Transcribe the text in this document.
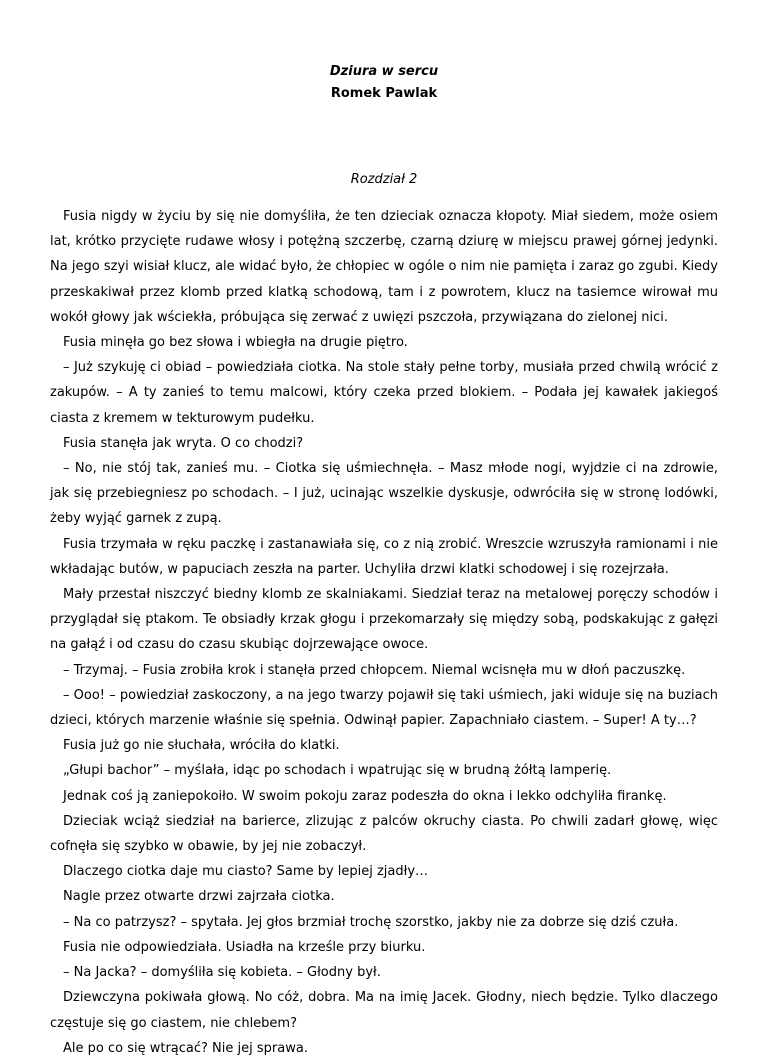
Dziura w sercu

Romek Pawlak

Rozdział 2

Fusia nigdy w życiu by się nie domyśliła, że ten dzieciak oznacza kłopoty. Miał siedem, może osiem lat, krótko przycięte rudawe włosy i potężną szczerbę, czarną dziurę w miejscu prawej górnej jedynki. Na jego szyi wisiał klucz, ale widać było, że chłopiec w ogóle o nim nie pamięta i zaraz go zgubi. Kiedy przeskakiwał przez klomb przed klatką schodową, tam i z powrotem, klucz na tasiemce wirował mu wokół głowy jak wściekła, próbująca się zerwać z uwięzi pszczoła, przywiązana do zielonej nici.

Fusia minęła go bez słowa i wbiegła na drugie piętro.

– Już szykuję ci obiad – powiedziała ciotka. Na stole stały pełne torby, musiała przed chwilą wrócić z zakupów. – A ty zanieś to temu malcowi, który czeka przed blokiem. – Podała jej kawałek jakiegoś ciasta z kremem w tekturowym pudełku.

Fusia stanęła jak wryta. O co chodzi?

– No, nie stój tak, zanieś mu. – Ciotka się uśmiechnęła. – Masz młode nogi, wyjdzie ci na zdrowie, jak się przebiegniesz po schodach. – I już, ucinając wszelkie dyskusje, odwróciła się w stronę lodówki, żeby wyjąć garnek z zupą.

Fusia trzymała w ręku paczkę i zastanawiała się, co z nią zrobić. Wreszcie wzruszyła ramionami i nie wkładając butów, w papuciach zeszła na parter. Uchyliła drzwi klatki schodowej i się rozejrzała.

Mały przestał niszczyć biedny klomb ze skalniakami. Siedział teraz na metalowej poręczy schodów i przyglądał się ptakom. Te obsiadły krzak głogu i przekomarzały się między sobą, podskakując z gałęzi na gałąź i od czasu do czasu skubiąc dojrzewające owoce.

– Trzymaj. – Fusia zrobiła krok i stanęła przed chłopcem. Niemal wcisnęła mu w dłoń paczuszkę.

– Ooo! – powiedział zaskoczony, a na jego twarzy pojawił się taki uśmiech, jaki widuje się na buziach dzieci, których marzenie właśnie się spełnia. Odwinął papier. Zapachniało ciastem. – Super! A ty…?

Fusia już go nie słuchała, wróciła do klatki.

„Głupi bachor” – myślała, idąc po schodach i wpatrując się w brudną żółtą lamperię.

Jednak coś ją zaniepokoiło. W swoim pokoju zaraz podeszła do okna i lekko odchyliła firankę.

Dzieciak wciąż siedział na barierce, zlizując z palców okruchy ciasta. Po chwili zadarł głowę, więc cofnęła się szybko w obawie, by jej nie zobaczył.

Dlaczego ciotka daje mu ciasto? Same by lepiej zjadły…

Nagle przez otwarte drzwi zajrzała ciotka.

– Na co patrzysz? – spytała. Jej głos brzmiał trochę szorstko, jakby nie za dobrze się dziś czuła.

Fusia nie odpowiedziała. Usiadła na krześle przy biurku.

– Na Jacka? – domyśliła się kobieta. – Głodny był.

Dziewczyna pokiwała głową. No cóż, dobra. Ma na imię Jacek. Głodny, niech będzie. Tylko dlaczego częstuje się go ciastem, nie chlebem?

Ale po co się wtrącać? Nie jej sprawa.
